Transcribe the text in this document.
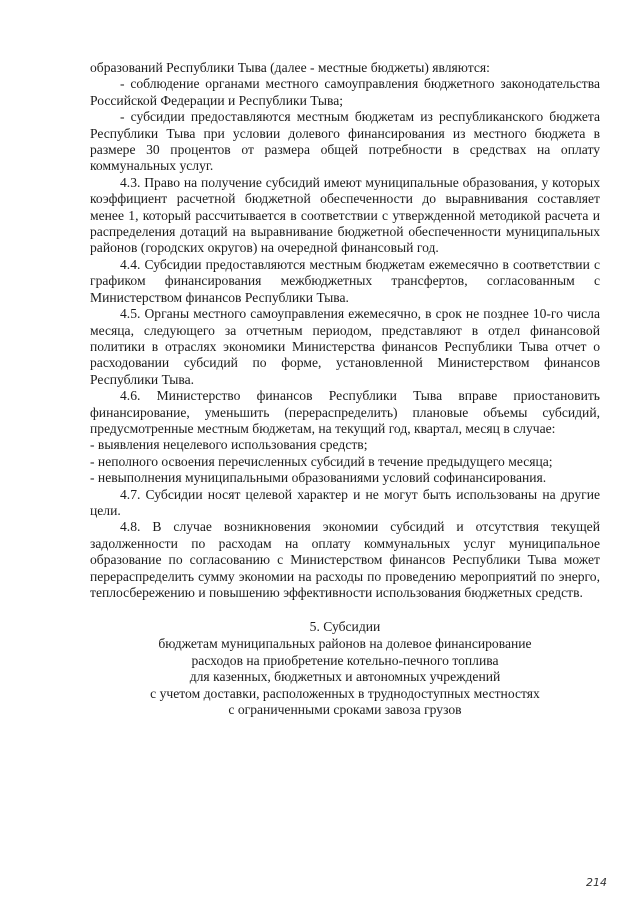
образований Республики Тыва (далее - местные бюджеты) являются:

- соблюдение органами местного самоуправления бюджетного законодательства Российской Федерации и Республики Тыва;

- субсидии предоставляются местным бюджетам из республиканского бюджета Республики Тыва при условии долевого финансирования из местного бюджета в размере 30 процентов от размера общей потребности в средствах на оплату коммунальных услуг.

4.3. Право на получение субсидий имеют муниципальные образования, у которых коэффициент расчетной бюджетной обеспеченности до выравнивания составляет менее 1, который рассчитывается в соответствии с утвержденной методикой расчета и распределения дотаций на выравнивание бюджетной обеспеченности муниципальных районов (городских округов) на очередной финансовый год.

4.4. Субсидии предоставляются местным бюджетам ежемесячно в соответствии с графиком финансирования межбюджетных трансфертов, согласованным с Министерством финансов Республики Тыва.

4.5. Органы местного самоуправления ежемесячно, в срок не позднее 10-го числа месяца, следующего за отчетным периодом, представляют в отдел финансовой политики в отраслях экономики Министерства финансов Республики Тыва отчет о расходовании субсидий по форме, установленной Министерством финансов Республики Тыва.

4.6. Министерство финансов Республики Тыва вправе приостановить финансирование, уменьшить (перераспределить) плановые объемы субсидий, предусмотренные местным бюджетам, на текущий год, квартал, месяц в случае:

- выявления нецелевого использования средств;

- неполного освоения перечисленных субсидий в течение предыдущего месяца;

- невыполнения муниципальными образованиями условий софинансирования.

4.7. Субсидии носят целевой характер и не могут быть использованы на другие цели.

4.8. В случае возникновения экономии субсидий и отсутствия текущей задолженности по расходам на оплату коммунальных услуг муниципальное образование по согласованию с Министерством финансов Республики Тыва может перераспределить сумму экономии на расходы по проведению мероприятий по энерго, теплосбережению и повышению эффективности использования бюджетных средств.

5. Субсидии
бюджетам муниципальных районов на долевое финансирование
расходов на приобретение котельно-печного топлива
для казенных, бюджетных и автономных учреждений
с учетом доставки, расположенных в труднодоступных местностях
с ограниченными сроками завоза грузов
214
